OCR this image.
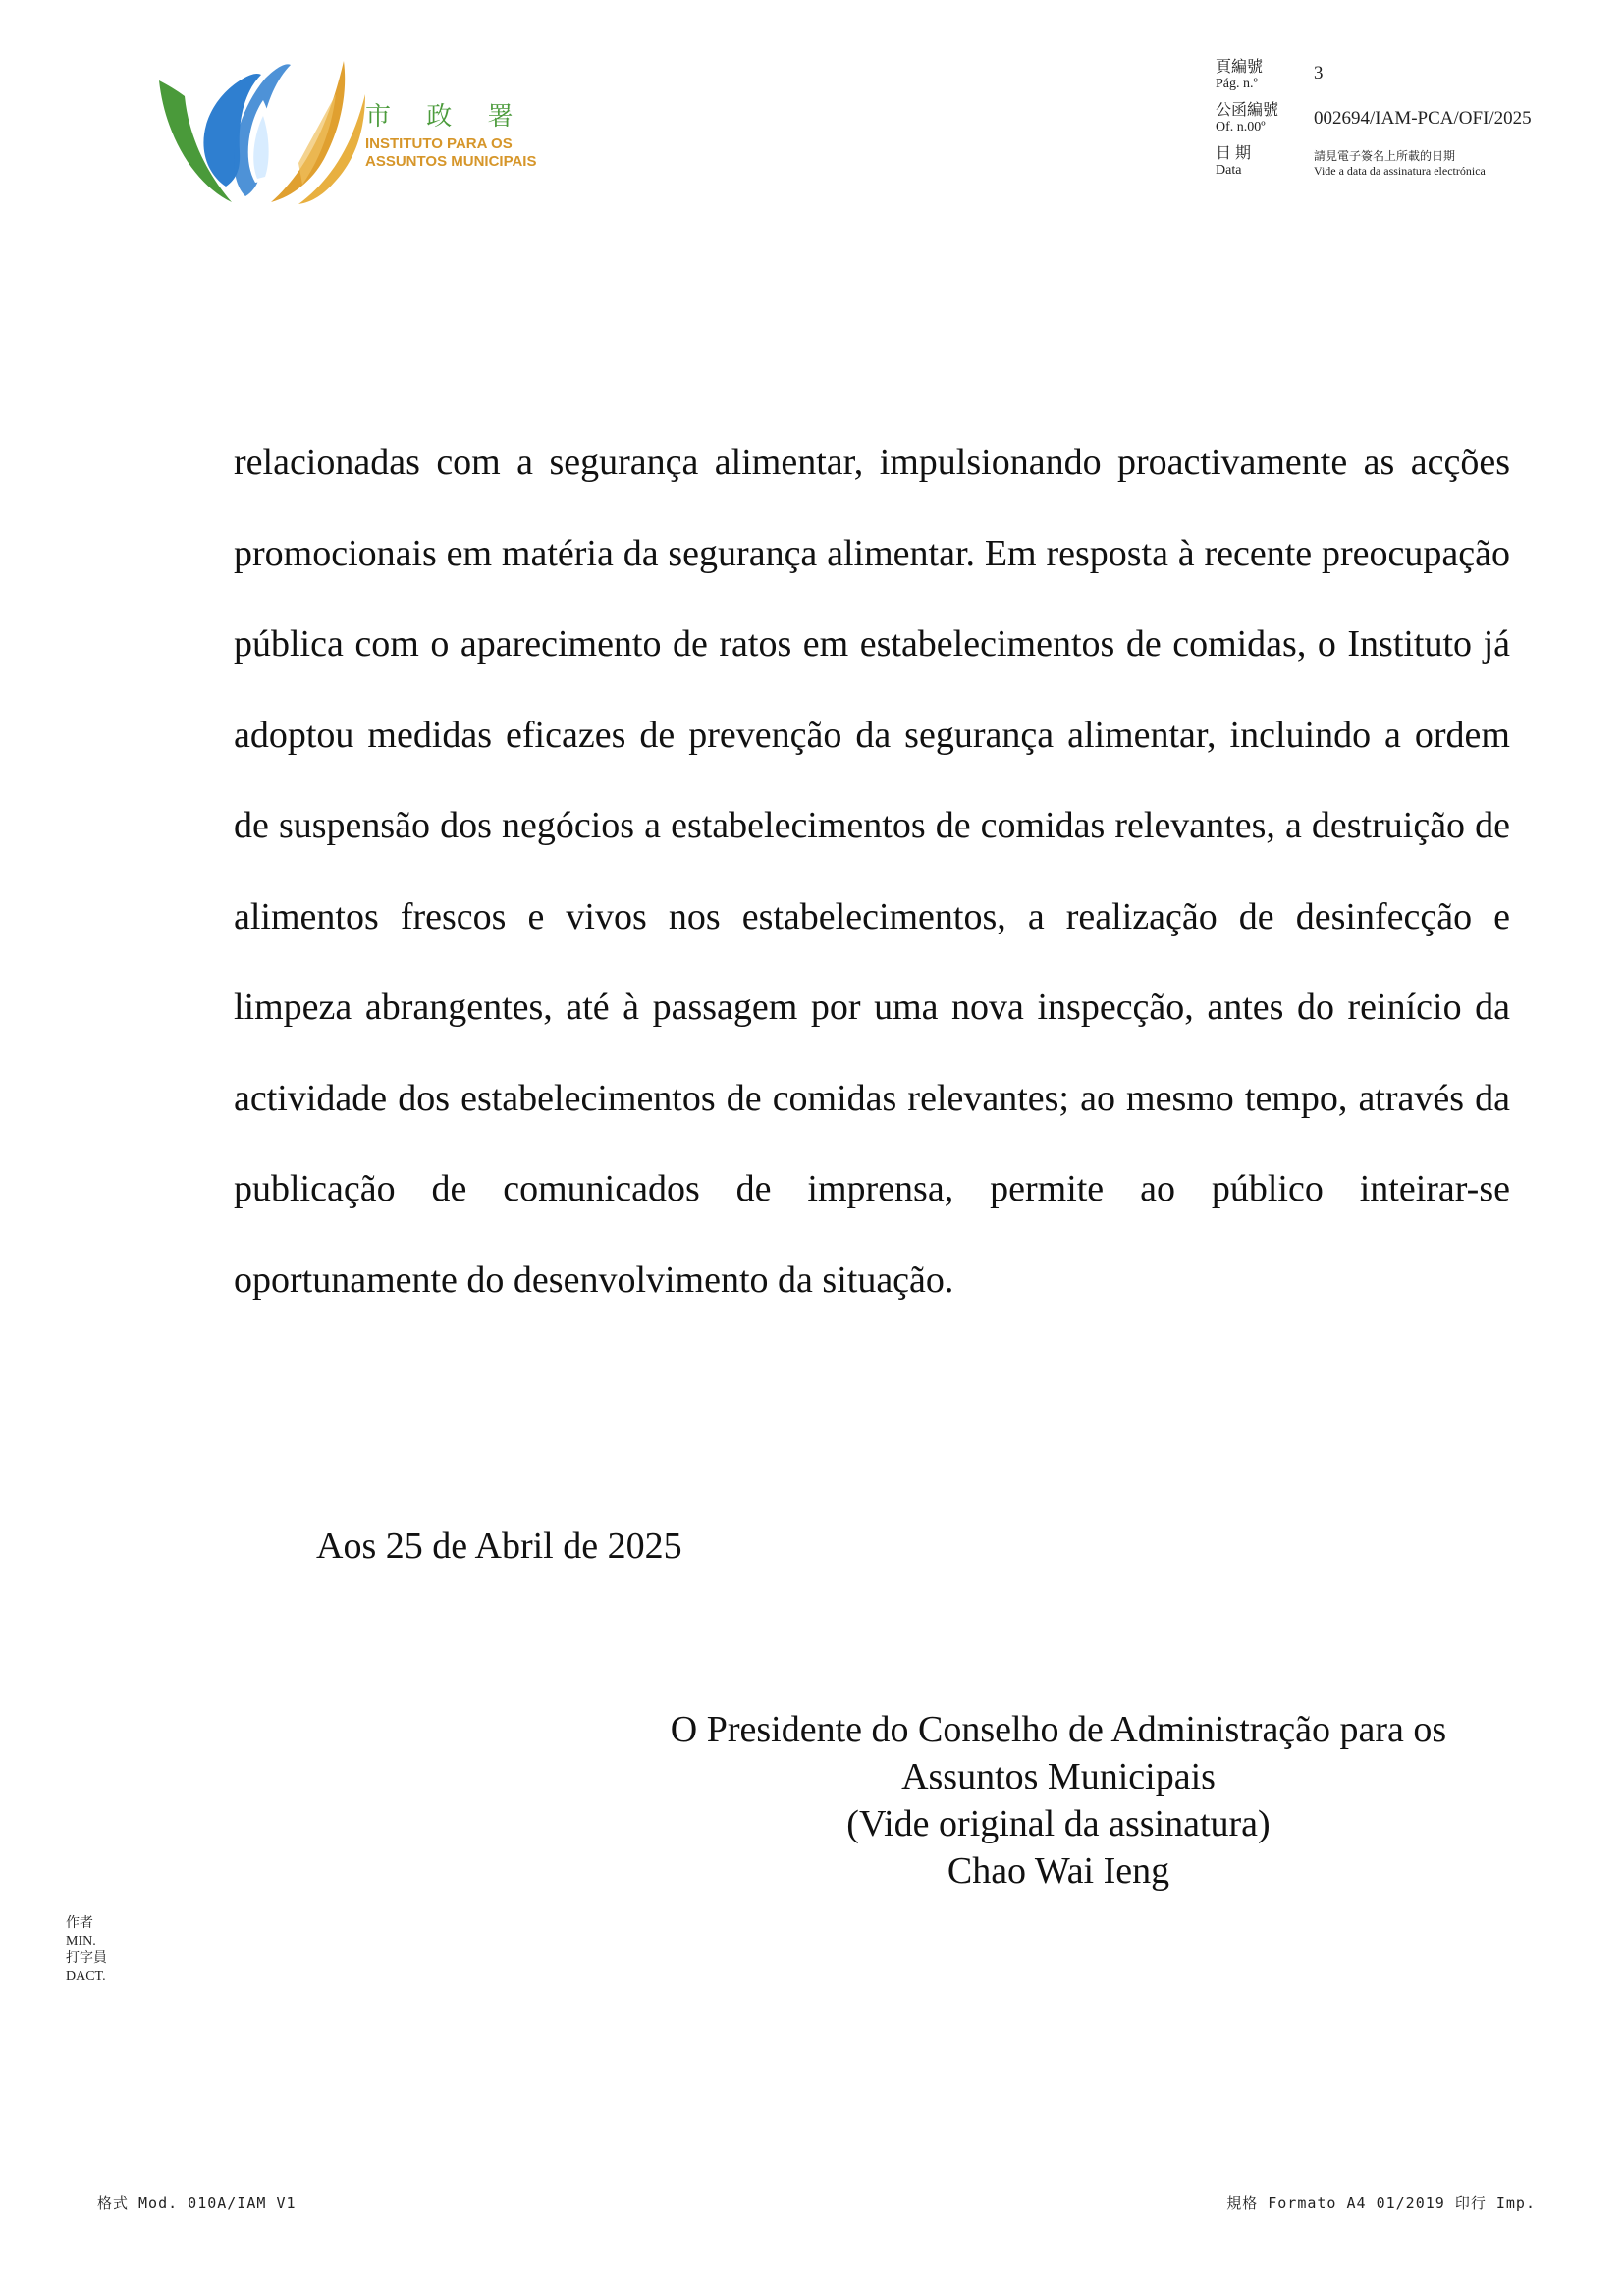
市 政 署
INSTITUTO PARA OS
ASSUNTOS MUNICIPAIS
頁編號
Pág. n.º
3
公函編號
Of. n.00º	002694/IAM-PCA/OFI/2025
日 期
Data
請見電子簽名上所載的日期
Vide a data da assinatura electrónica

relacionadas com a segurança alimentar, impulsionando proactivamente as acções promocionais em matéria da segurança alimentar. Em resposta à recente preocupação pública com o aparecimento de ratos em estabelecimentos de comidas, o Instituto já adoptou medidas eficazes de prevenção da segurança alimentar, incluindo a ordem de suspensão dos negócios a estabelecimentos de comidas relevantes, a destruição de alimentos frescos e vivos nos estabelecimentos, a realização de desinfecção e limpeza abrangentes, até à passagem por uma nova inspecção, antes do reinício da actividade dos estabelecimentos de comidas relevantes; ao mesmo tempo, através da publicação de comunicados de imprensa, permite ao público inteirar-se oportunamente do desenvolvimento da situação.

Aos 25 de Abril de 2025

O Presidente do Conselho de Administração para os
Assuntos Municipais
(Vide original da assinatura)
Chao Wai Ieng
作者
MIN.
打字員
DACT.
格式 Mod. 010A/IAM V1	規格 Formato A4 01/2019 印行 Imp.
